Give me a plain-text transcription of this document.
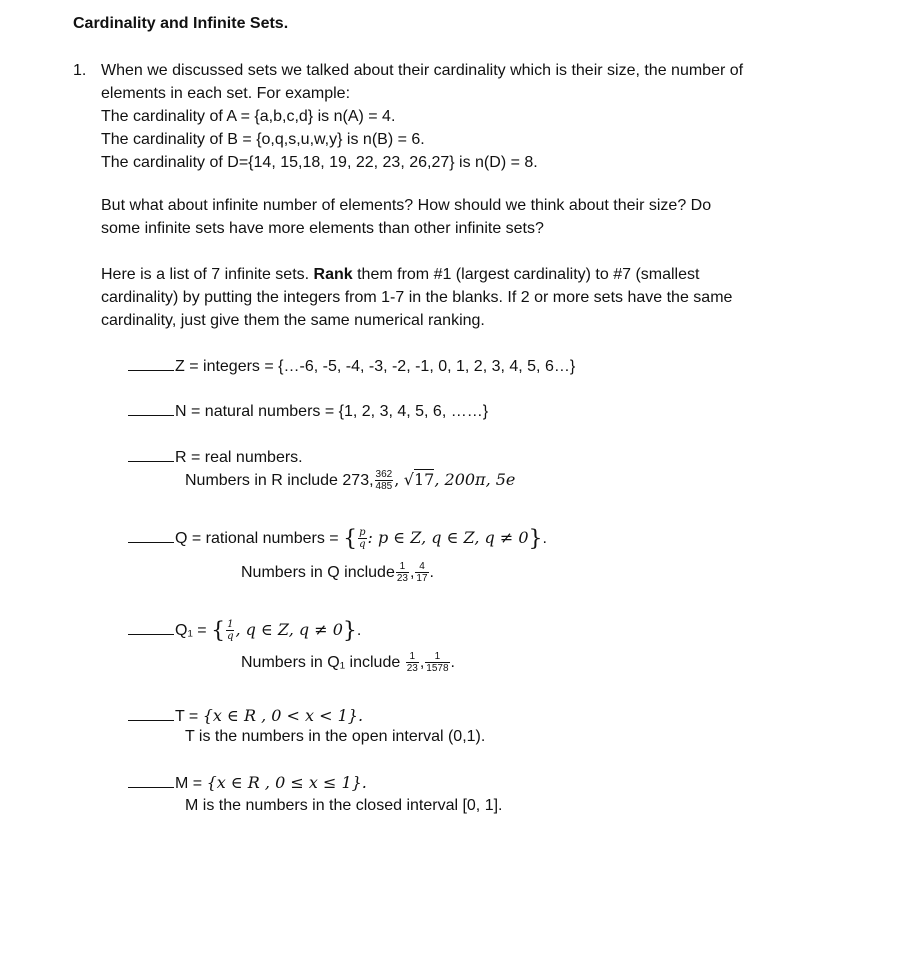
Cardinality and Infinite Sets.
1. When we discussed sets we talked about their cardinality which is their size, the number of

elements in each set. For example:

The cardinality of A = {a,b,c,d} is n(A) = 4.

The cardinality of B = {o,q,s,u,w,y} is n(B) = 6.

The cardinality of D={14, 15,18, 19, 22, 23, 26,27} is n(D) = 8.

But what about infinite number of elements? How should we think about their size? Do

some infinite sets have more elements than other infinite sets?

Here is a list of 7 infinite sets. Rank them from #1 (largest cardinality) to #7 (smallest

cardinality) by putting the integers from 1-7 in the blanks. If 2 or more sets have the same

cardinality, just give them the same numerical ranking.

Z = integers = {…-6, -5, -4, -3, -2, -1, 0, 1, 2, 3, 4, 5, 6…}
N = natural numbers = {1, 2, 3, 4, 5, 6, ……}
R = real numbers.
Numbers in R include 273, $\frac{362}{485}$ , √17, 200π, 5e
Q = rational numbers = { $\frac{p}{q}$ : p ∈ Z, q ∈ Z, q ≠ 0}.
Numbers in Q include $\frac{1}{23}$ , $\frac{4}{17}$ .
Q₁ = { $\frac{1}{q}$ , q ∈ Z, q ≠ 0}.
Numbers in Q₁ include $\frac{1}{23}$ , $\frac{1}{1578}$ .
T = {x ∈ R , 0 < x < 1}.
T is the numbers in the open interval (0,1).
M = {x ∈ R , 0 ≤ x ≤ 1}.
M is the numbers in the closed interval [0, 1].
